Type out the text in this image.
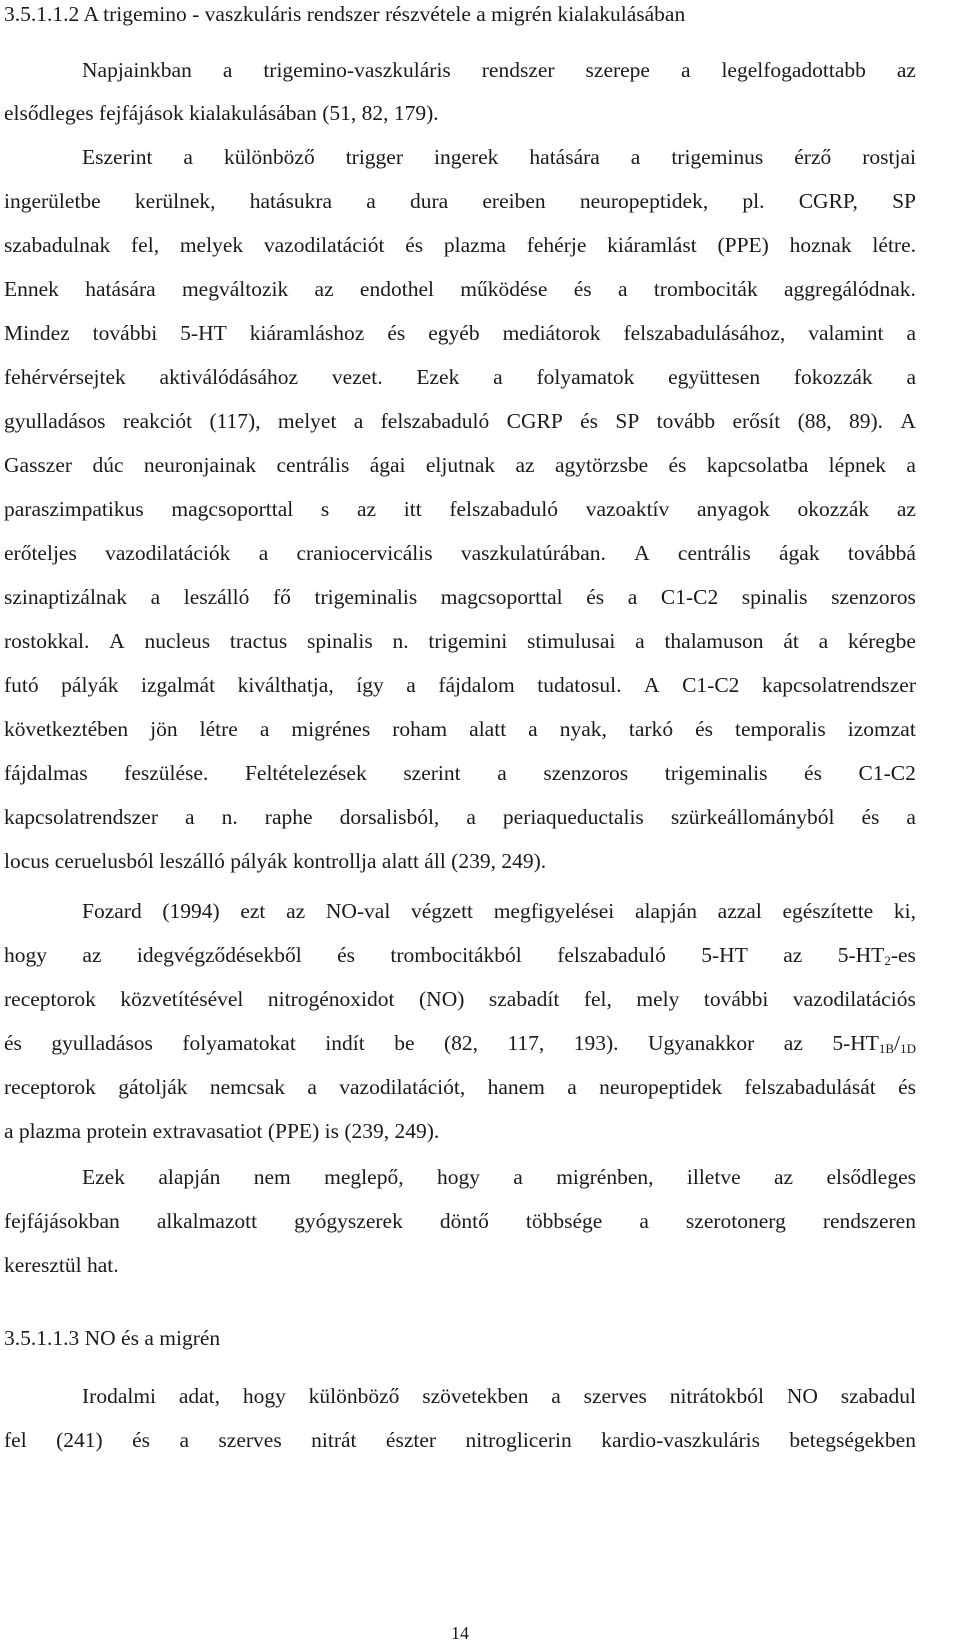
3.5.1.1.2 A trigemino - vaszkuláris rendszer részvétele a migrén kialakulásában
Napjainkban a trigemino-vaszkuláris rendszer szerepe a legelfogadottabb az
elsődleges fejfájások kialakulásában (51, 82, 179).
Eszerint a különböző trigger ingerek hatására a trigeminus érző rostjai
ingerületbe kerülnek, hatásukra a dura ereiben neuropeptidek, pl. CGRP, SP
szabadulnak fel, melyek vazodilatációt és plazma fehérje kiáramlást (PPE) hoznak létre.
Ennek hatására megváltozik az endothel működése és a trombociták aggregálódnak.
Mindez további 5-HT kiáramláshoz és egyéb mediátorok felszabadulásához, valamint a
fehérvérsejtek aktiválódásához vezet. Ezek a folyamatok együttesen fokozzák a
gyulladásos reakciót (117), melyet a felszabaduló CGRP és SP tovább erősít (88, 89). A
Gasszer dúc neuronjainak centrális ágai eljutnak az agytörzsbe és kapcsolatba lépnek a
paraszimpatikus magcsoporttal s az itt felszabaduló vazoaktív anyagok okozzák az
erőteljes vazodilatációk a craniocervicális vaszkulatúrában. A centrális ágak továbbá
szinaptizálnak a leszálló fő trigeminalis magcsoporttal és a C1-C2 spinalis szenzoros
rostokkal. A nucleus tractus spinalis n. trigemini stimulusai a thalamuson át a kéregbe
futó pályák izgalmát kiválthatja, így a fájdalom tudatosul. A C1-C2 kapcsolatrendszer
következtében jön létre a migrénes roham alatt a nyak, tarkó és temporalis izomzat
fájdalmas feszülése. Feltételezések szerint a szenzoros trigeminalis és C1-C2
kapcsolatrendszer a n. raphe dorsalisból, a periaqueductalis szürkeállományból és a
locus ceruelusból leszálló pályák kontrollja alatt áll (239, 249).
Fozard (1994) ezt az NO-val végzett megfigyelései alapján azzal egészítette ki,
hogy az idegvégződésekből és trombocitákból felszabaduló 5-HT az $5-HT_2-es$
receptorok közvetítésével nitrogénoxidot (NO) szabadít fel, mely további vazodilatációs
és gyulladásos folyamatokat indít be (82, 117, 193). Ugyanakkor az $5-HT_{1B}/_{1D}$
receptorok gátolják nemcsak a vazodilatációt, hanem a neuropeptidek felszabadulását és
a plazma protein extravasatiot (PPE) is (239, 249).
Ezek alapján nem meglepő, hogy a migrénben, illetve az elsődleges
fejfájásokban alkalmazott gyógyszerek döntő többsége a szerotonerg rendszeren
keresztül hat.
3.5.1.1.3 NO és a migrén
Irodalmi adat, hogy különböző szövetekben a szerves nitrátokból NO szabadul
fel (241) és a szerves nitrát észter nitroglicerin kardio-vaszkuláris betegségekben
14
